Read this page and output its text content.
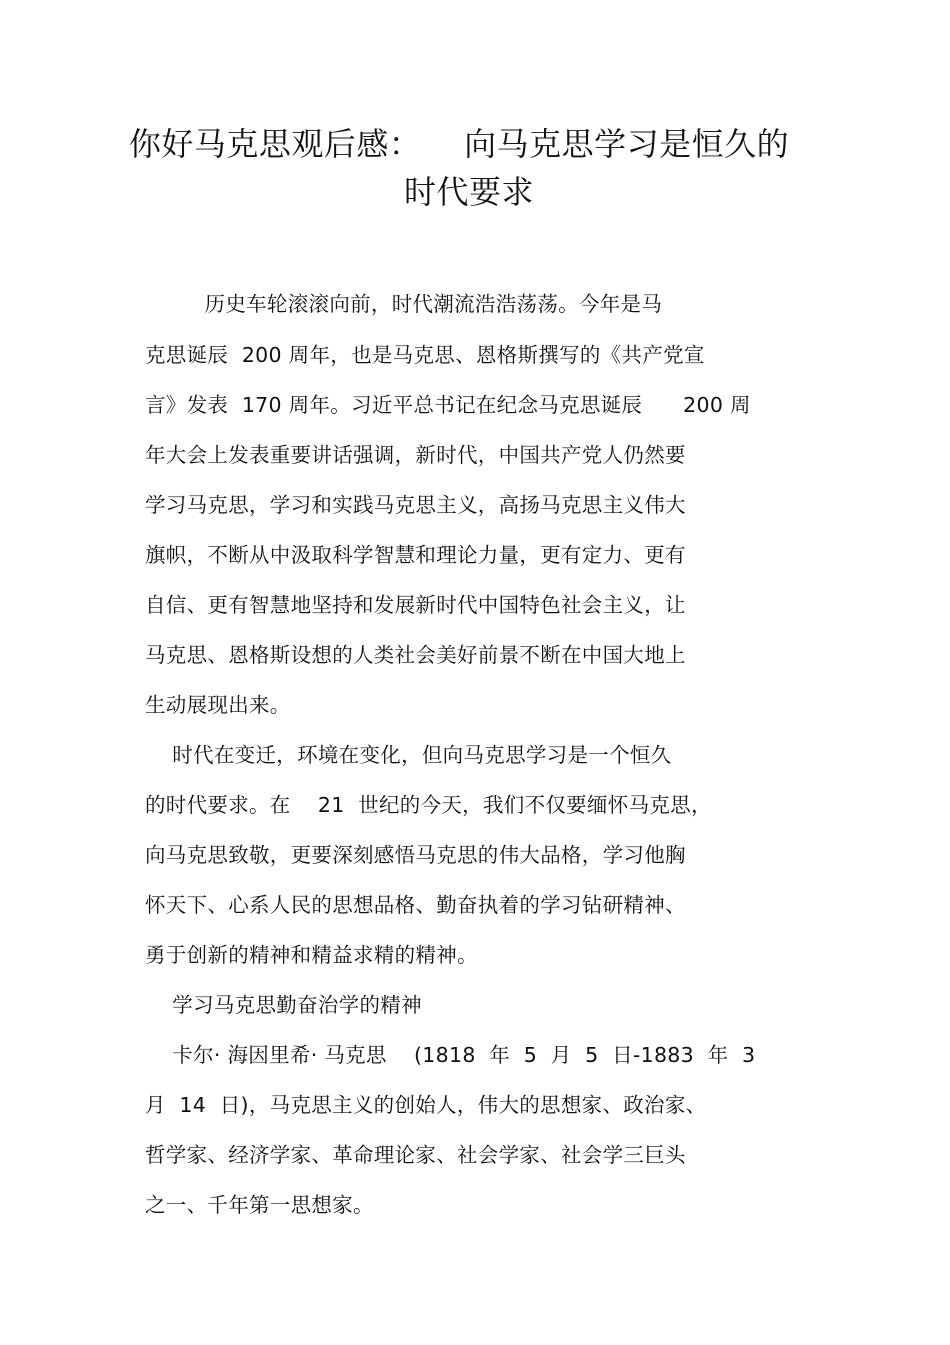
你好马克思观后感：    向马克思学习是恒久的
时代要求
历史车轮滚滚向前，时代潮流浩浩荡荡。今年是马
克思诞辰  200 周年，也是马克思、恩格斯撰写的《共产党宣
言》发表  170 周年。习近平总书记在纪念马克思诞辰      200 周
年大会上发表重要讲话强调，新时代，中国共产党人仍然要
学习马克思，学习和实践马克思主义，高扬马克思主义伟大
旗帜，不断从中汲取科学智慧和理论力量，更有定力、更有
自信、更有智慧地坚持和发展新时代中国特色社会主义，让
马克思、恩格斯设想的人类社会美好前景不断在中国大地上
生动展现出来。
时代在变迁，环境在变化，但向马克思学习是一个恒久
的时代要求。在    21  世纪的今天，我们不仅要缅怀马克思，
向马克思致敬，更要深刻感悟马克思的伟大品格，学习他胸
怀天下、心系人民的思想品格、勤奋执着的学习钻研精神、
勇于创新的精神和精益求精的精神。
学习马克思勤奋治学的精神
卡尔· 海因里希· 马克思    (1818  年  5  月  5  日-1883  年  3
月  14  日)，马克思主义的创始人，伟大的思想家、政治家、
哲学家、经济学家、革命理论家、社会学家、社会学三巨头
之一、千年第一思想家。
